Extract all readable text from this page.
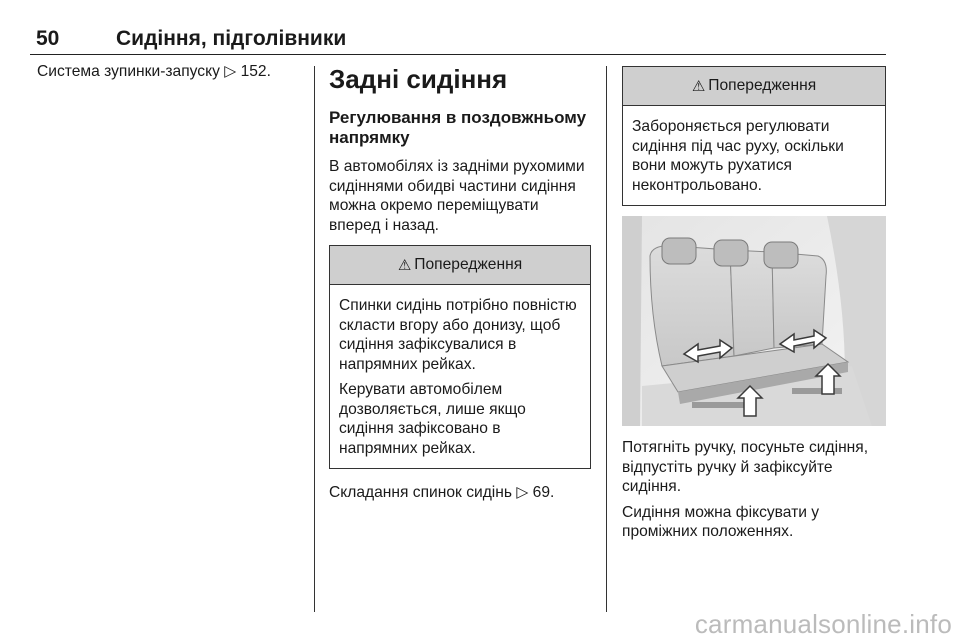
50	Сидіння, підголівники

Система зупинки-запуску ▷ 152.	Задні сидіння
Регулювання в поздовжньому напрямку

В автомобілях із задніми рухомими сидіннями обидві частини сидіння можна окремо переміщувати вперед і назад.

⚠ Попередження

Спинки сидінь потрібно повністю скласти вгору або донизу, щоб сидіння зафіксувалися в напрямних рейках.

Керувати автомобілем дозволяється, лише якщо сидіння зафіксовано в напрямних рейках.

Складання спинок сидінь ▷ 69.

⚠ Попередження

Забороняється регулювати сидіння під час руху, оскільки вони можуть рухатися неконтрольовано.

Потягніть ручку, посуньте сидіння, відпустіть ручку й зафіксуйте сидіння.

Сидіння можна фіксувати у проміжних положеннях.

carmanualsonline.info
